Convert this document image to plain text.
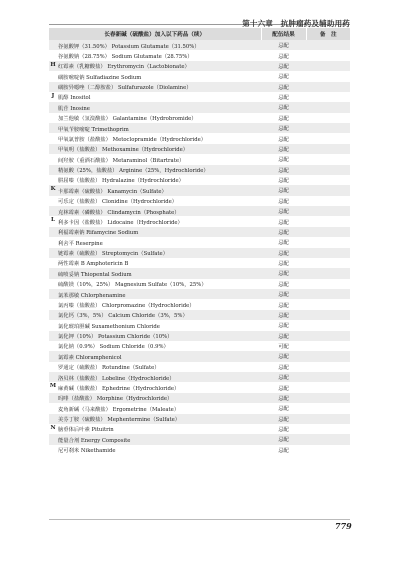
第十六章　抗肿瘤药及辅助用药
长春新碱（硫酸盐）加入以下药品（续）	配伍结果	备　注

谷氨酸钾（31.50%） Potassium Glutamate（31.50%）	忌配	

谷氨酸钠（28.75%） Sodium Glutamate（28.75%）	忌配	

H 红霉素（乳糖酸盐） Erythromycin（Lactobionate）	忌配	

磺胺嘧啶钠 Sulfadiazine Sodium	忌配	

磺胺异噁唑（二醇胺盐） Sulfafurazole（Diolamine）	忌配	

J 肌醇 Inositol	忌配	

肌苷 Inosine	忌配	

加兰他敏（氢溴酸盐） Galantamine（Hydrobromide）	忌配	

甲氧苄胺嘧啶 Trimethoprim	忌配	

甲氧氯普胺（盐酸盐） Metoclopramide（Hydrochloride）	忌配	

甲氧明（盐酸盐） Methoxamine（Hydrochloride）	忌配	

间羟胺（重酒石酸盐） Metaraminol（Bitartrate）	忌配	

精氨酸（25%，盐酸盐） Arginine（25%，Hydrochloride）	忌配	

肼屈嗪（盐酸盐） Hydralazine（Hydrochloride）	忌配	

K 卡那霉素（硫酸盐） Kanamycin（Sulfate）	忌配	

可乐定（盐酸盐） Clonidine（Hydrochloride）	忌配	

克林霉素（磷酸盐） Clindamycin（Phosphate）	忌配	

L 利多卡因（盐酸盐） Lidocaine（Hydrochloride）	忌配	

利福霉素钠 Rifamycine Sodium	忌配	

利舍平 Reserpine	忌配	

链霉素（硫酸盐） Streptomycin（Sulfate）	忌配	

两性霉素 B Amphotericin B	忌配	

硫喷妥钠 Thiopental Sodium	忌配	

硫酸镁（10%，25%） Magnesium Sulfate（10%，25%）	忌配	

氯苯那敏 Chlorphenamine	忌配	

氯丙嗪（盐酸盐） Chlorpromazine（Hydrochloride）	忌配	

氯化钙（3%，5%） Calcium Chloride（3%，5%）	忌配	

氯化琥珀胆碱 Suxamethonium Chloride	忌配	

氯化钾（10%） Potassium Chloride（10%）	忌配	

氯化钠（0.9%） Sodium Chloride（0.9%）	可配	

氯霉素 Chloramphenicol	忌配	

罗通定（硫酸盐） Rotundine（Sulfate）	忌配	

洛贝林（盐酸盐） Lobeline（Hydrochloride）	忌配	

M 麻黄碱（盐酸盐） Ephedrine（Hydrochloride）	忌配	

吗啡（盐酸盐） Morphine（Hydrochloride）	忌配	

麦角新碱（马来酸盐） Ergometrine（Maleate）	忌配	

美芬丁胺（硫酸盐） Mephentermine（Sulfate）	忌配	

N 脑垂体后叶素 Pituitrin	忌配	

能量合剂 Energy Composite	忌配	

尼可刹米 Nikethamide	忌配	
779
